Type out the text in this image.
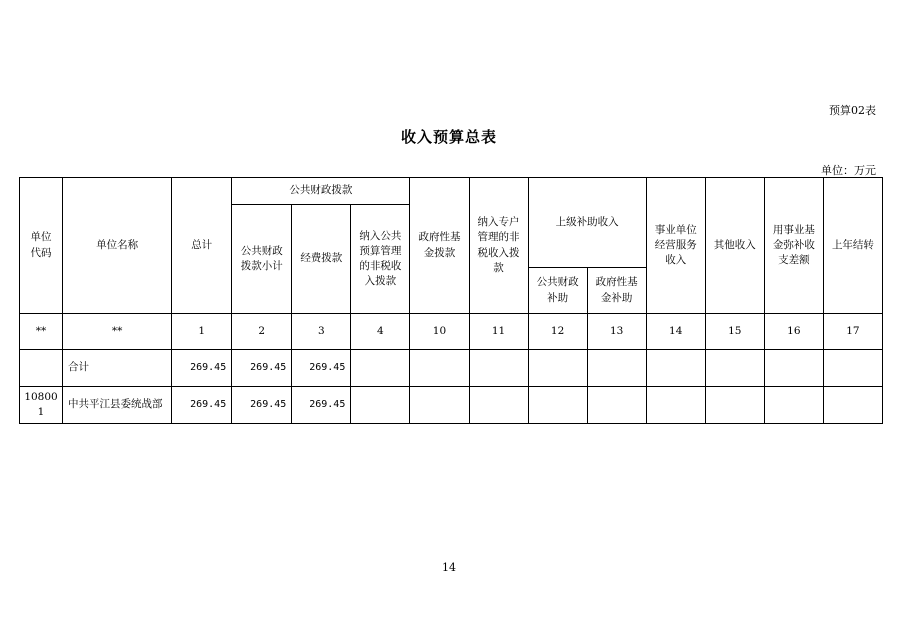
预算02表
收入预算总表
单位：万元
单位代码	单位名称	总计	公共财政拨款			政府性基金拨款	纳入专户管理的非税收入拨款	上级补助收入		事业单位经营服务收入	其他收入	用事业基金弥补收支差额	上年结转
			公共财政拨款小计	经费拨款	纳入公共预算管理的非税收入拨款								
								公共财政补助	政府性基金补助				
**	**	1	2	3	4	10	11	12	13	14	15	16	17
	合计	269.45	269.45	269.45									
108001	中共平江县委统战部	269.45	269.45	269.45									
14
